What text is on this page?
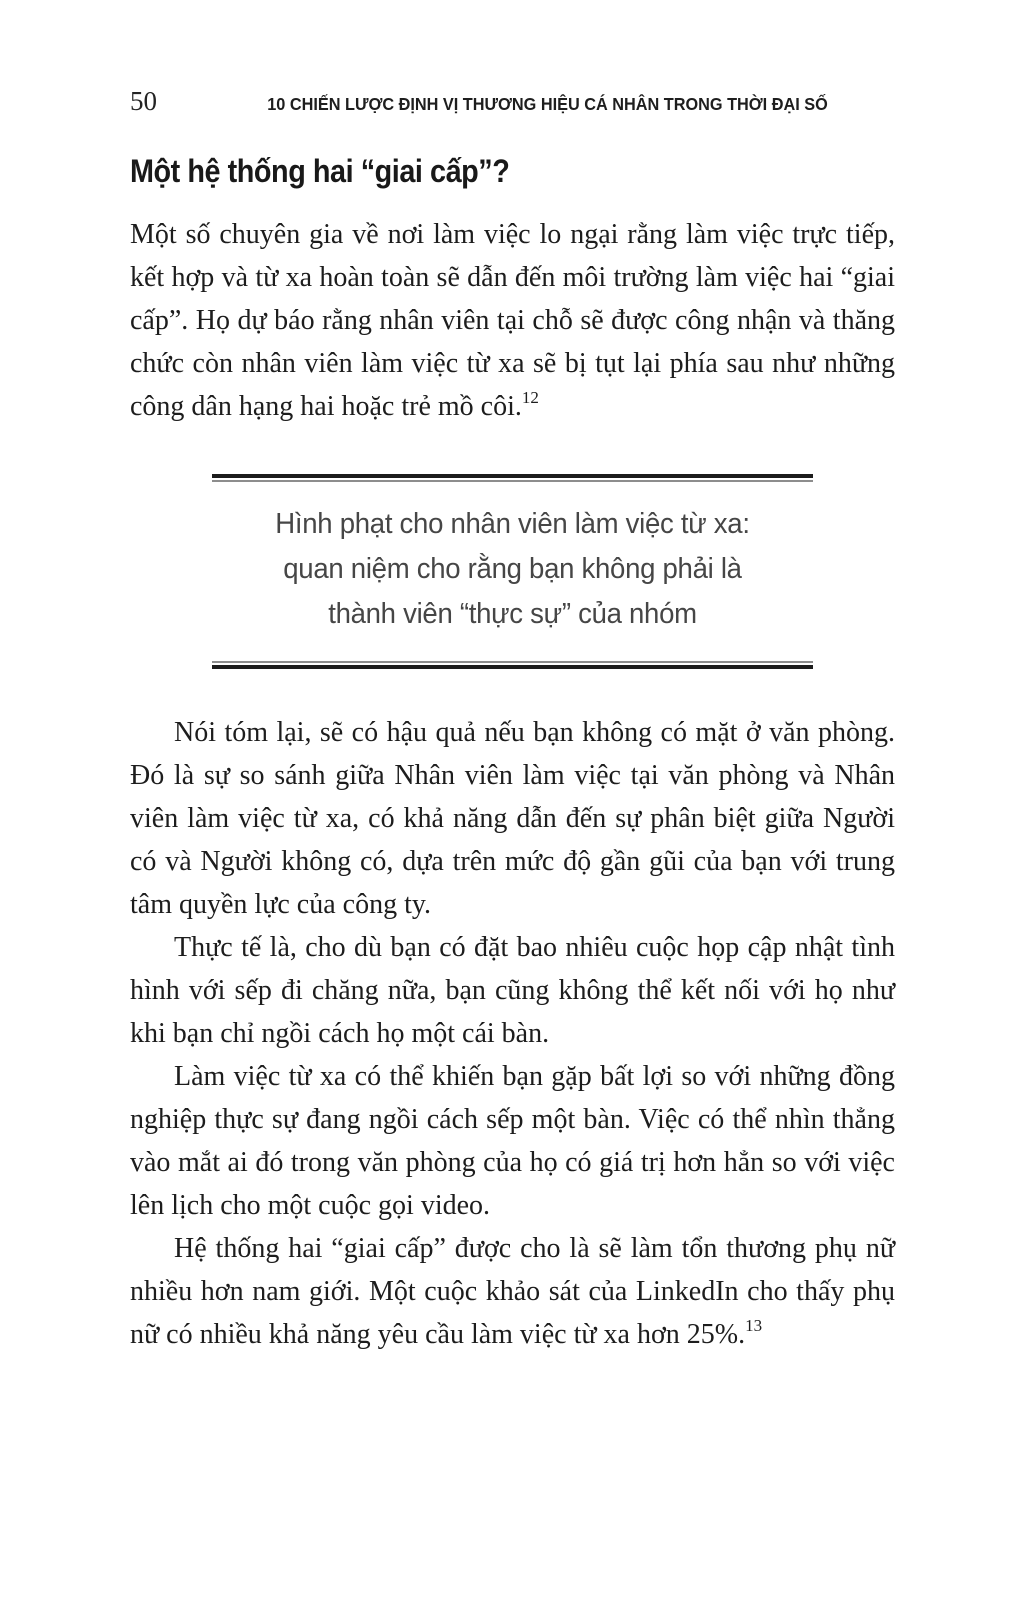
50	10 CHIẾN LƯỢC ĐỊNH VỊ THƯƠNG HIỆU CÁ NHÂN TRONG THỜI ĐẠI SỐ
Một hệ thống hai “giai cấp”?

Một số chuyên gia về nơi làm việc lo ngại rằng làm việc trực tiếp, kết hợp và từ xa hoàn toàn sẽ dẫn đến môi trường làm việc hai “giai cấp”. Họ dự báo rằng nhân viên tại chỗ sẽ được công nhận và thăng chức còn nhân viên làm việc từ xa sẽ bị tụt lại phía sau như những công dân hạng hai hoặc trẻ mồ côi.$^{12}$

Hình phạt cho nhân viên làm việc từ xa:
quan niệm cho rằng bạn không phải là
thành viên “thực sự” của nhóm

Nói tóm lại, sẽ có hậu quả nếu bạn không có mặt ở văn phòng. Đó là sự so sánh giữa Nhân viên làm việc tại văn phòng và Nhân viên làm việc từ xa, có khả năng dẫn đến sự phân biệt giữa Người có và Người không có, dựa trên mức độ gần gũi của bạn với trung tâm quyền lực của công ty.

Thực tế là, cho dù bạn có đặt bao nhiêu cuộc họp cập nhật tình hình với sếp đi chăng nữa, bạn cũng không thể kết nối với họ như khi bạn chỉ ngồi cách họ một cái bàn.

Làm việc từ xa có thể khiến bạn gặp bất lợi so với những đồng nghiệp thực sự đang ngồi cách sếp một bàn. Việc có thể nhìn thẳng vào mắt ai đó trong văn phòng của họ có giá trị hơn hẳn so với việc lên lịch cho một cuộc gọi video.

Hệ thống hai “giai cấp” được cho là sẽ làm tổn thương phụ nữ nhiều hơn nam giới. Một cuộc khảo sát của LinkedIn cho thấy phụ nữ có nhiều khả năng yêu cầu làm việc từ xa hơn 25%.$^{13}$
